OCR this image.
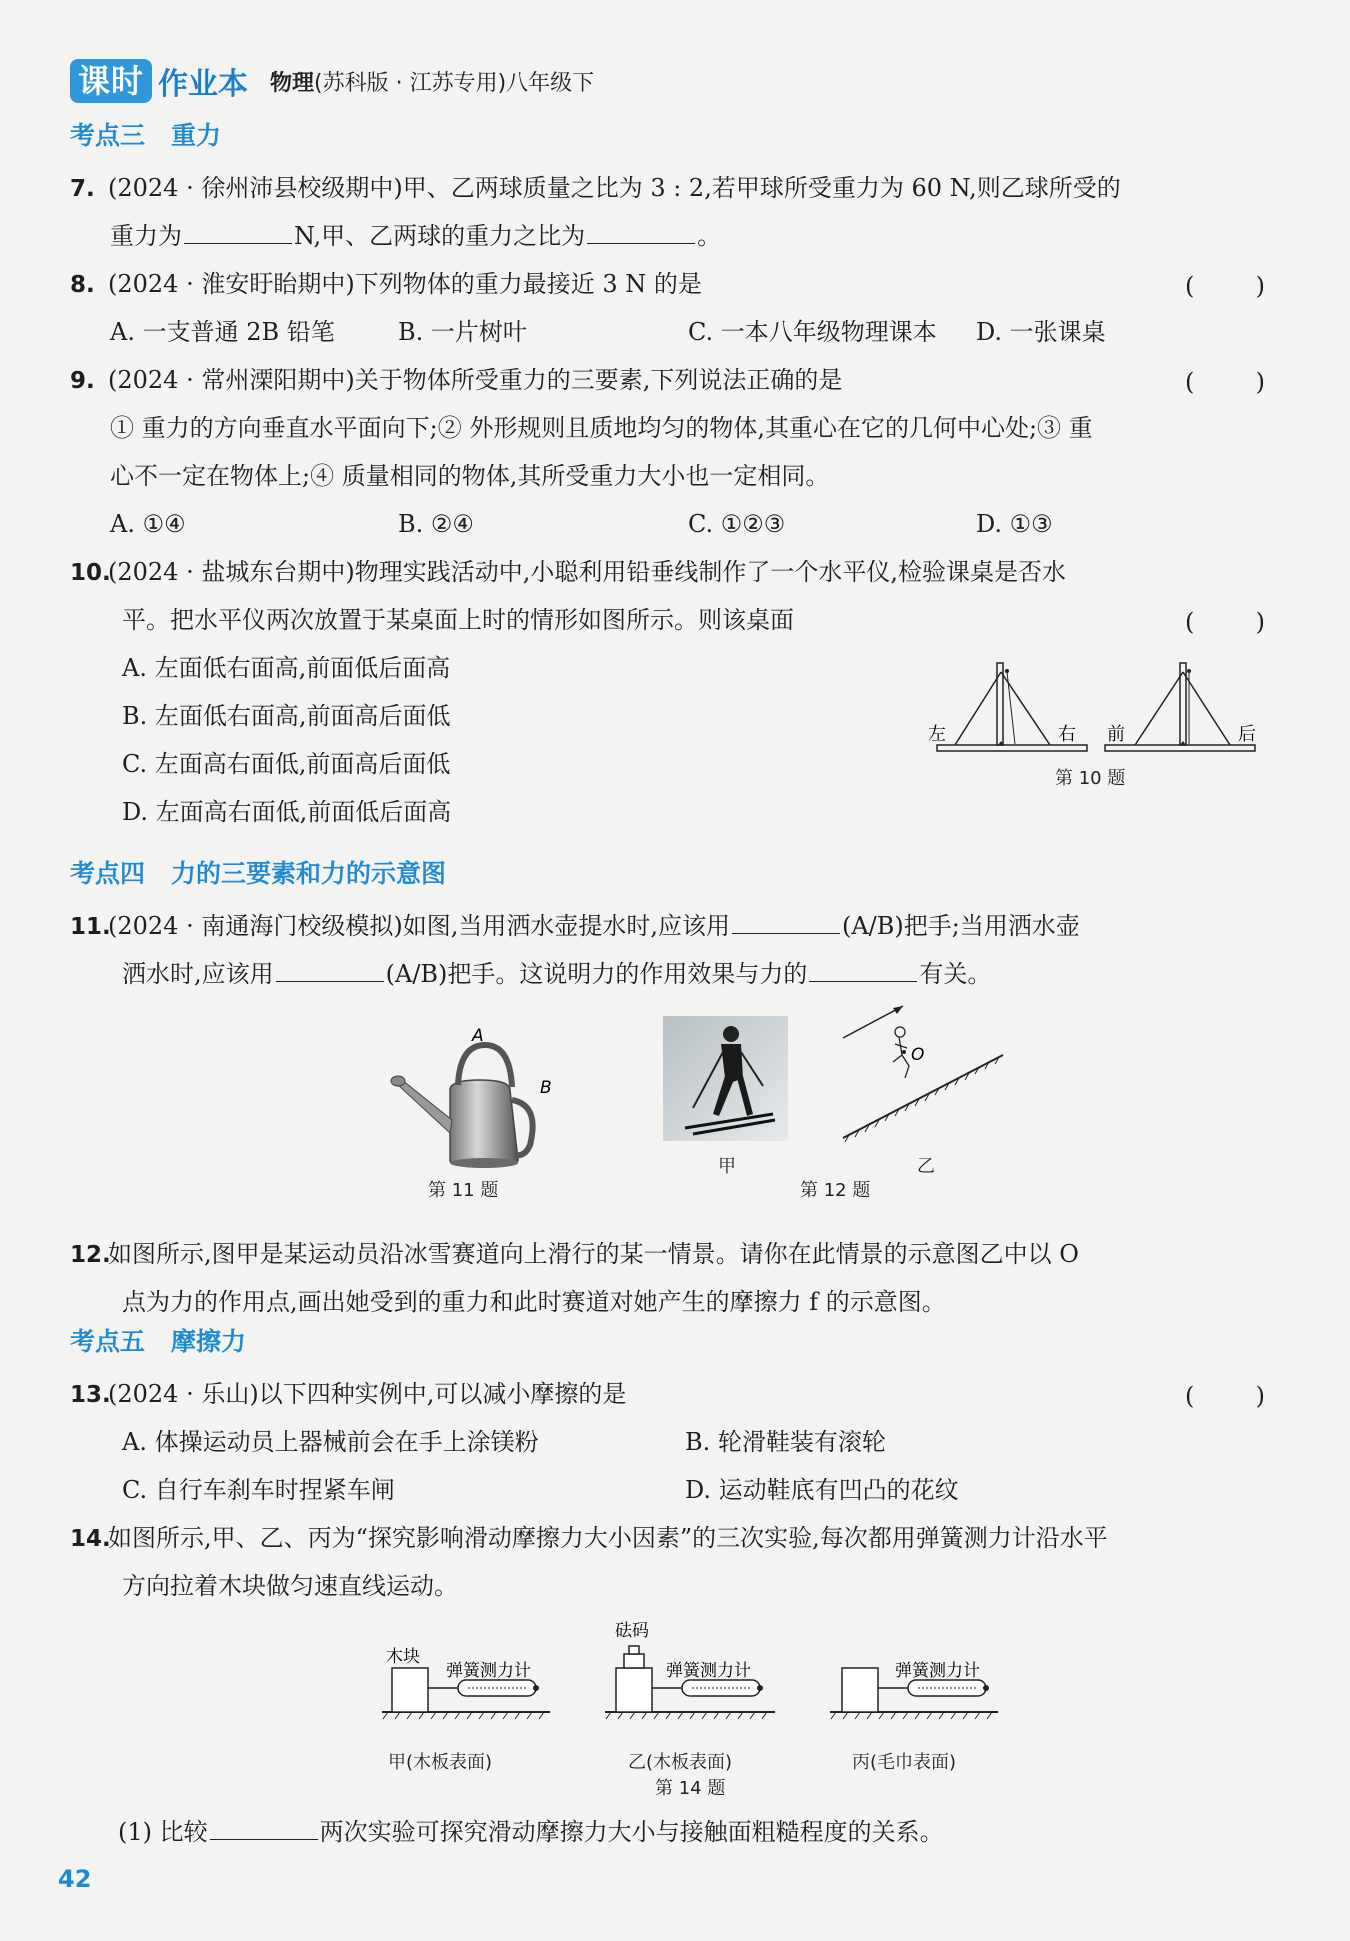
课时 作业本 物理(苏科版 · 江苏专用)八年级下
考点三 重力
7. (2024 · 徐州沛县校级期中)甲、乙两球质量之比为 3 : 2,若甲球所受重力为 60 N,则乙球所受的
重力为	N,甲、乙两球的重力之比为	。
8. (2024 · 淮安盱眙期中)下列物体的重力最接近 3 N 的是	(	)
A. 一支普通 2B 铅笔	B. 一片树叶	C. 一本八年级物理课本 D. 一张课桌
9. (2024 · 常州溧阳期中)关于物体所受重力的三要素,下列说法正确的是	(	)
① 重力的方向垂直水平面向下;② 外形规则且质地均匀的物体,其重心在它的几何中心处;③ 重
心不一定在物体上;④ 质量相同的物体,其所受重力大小也一定相同。
A. ①④	B. ②④	C. ①②③	D. ①③
10.(2024 · 盐城东台期中)物理实践活动中,小聪利用铅垂线制作了一个水平仪,检验课桌是否水
平。把水平仪两次放置于某桌面上时的情形如图所示。则该桌面	(	)
A. 左面低右面高,前面低后面高
B. 左面低右面高,前面高后面低
C. 左面高右面低,前面高后面低
D. 左面高右面低,前面低后面高
左	右 前	后
第 10 题
考点四 力的三要素和力的示意图
11.(2024 · 南通海门校级模拟)如图,当用洒水壶提水时,应该用	(A/B)把手;当用洒水壶
洒水时,应该用	(A/B)把手。这说明力的作用效果与力的	有关。
A
B
第 11 题
甲
O
乙
第 12 题
12.如图所示,图甲是某运动员沿冰雪赛道向上滑行的某一情景。请你在此情景的示意图乙中以 O
点为力的作用点,画出她受到的重力和此时赛道对她产生的摩擦力 f 的示意图。
考点五 摩擦力
13.(2024 · 乐山)以下四种实例中,可以减小摩擦的是	(	)
A. 体操运动员上器械前会在手上涂镁粉	B. 轮滑鞋装有滚轮
C. 自行车刹车时捏紧车闸	D. 运动鞋底有凹凸的花纹
14.如图所示,甲、乙、丙为“探究影响滑动摩擦力大小因素”的三次实验,每次都用弹簧测力计沿水平
方向拉着木块做匀速直线运动。
木块
弹簧测力计
砝码
弹簧测力计	弹簧测力计
甲(木板表面)	乙(木板表面)	丙(毛巾表面)
第 14 题
(1) 比较	两次实验可探究滑动摩擦力大小与接触面粗糙程度的关系。
42
